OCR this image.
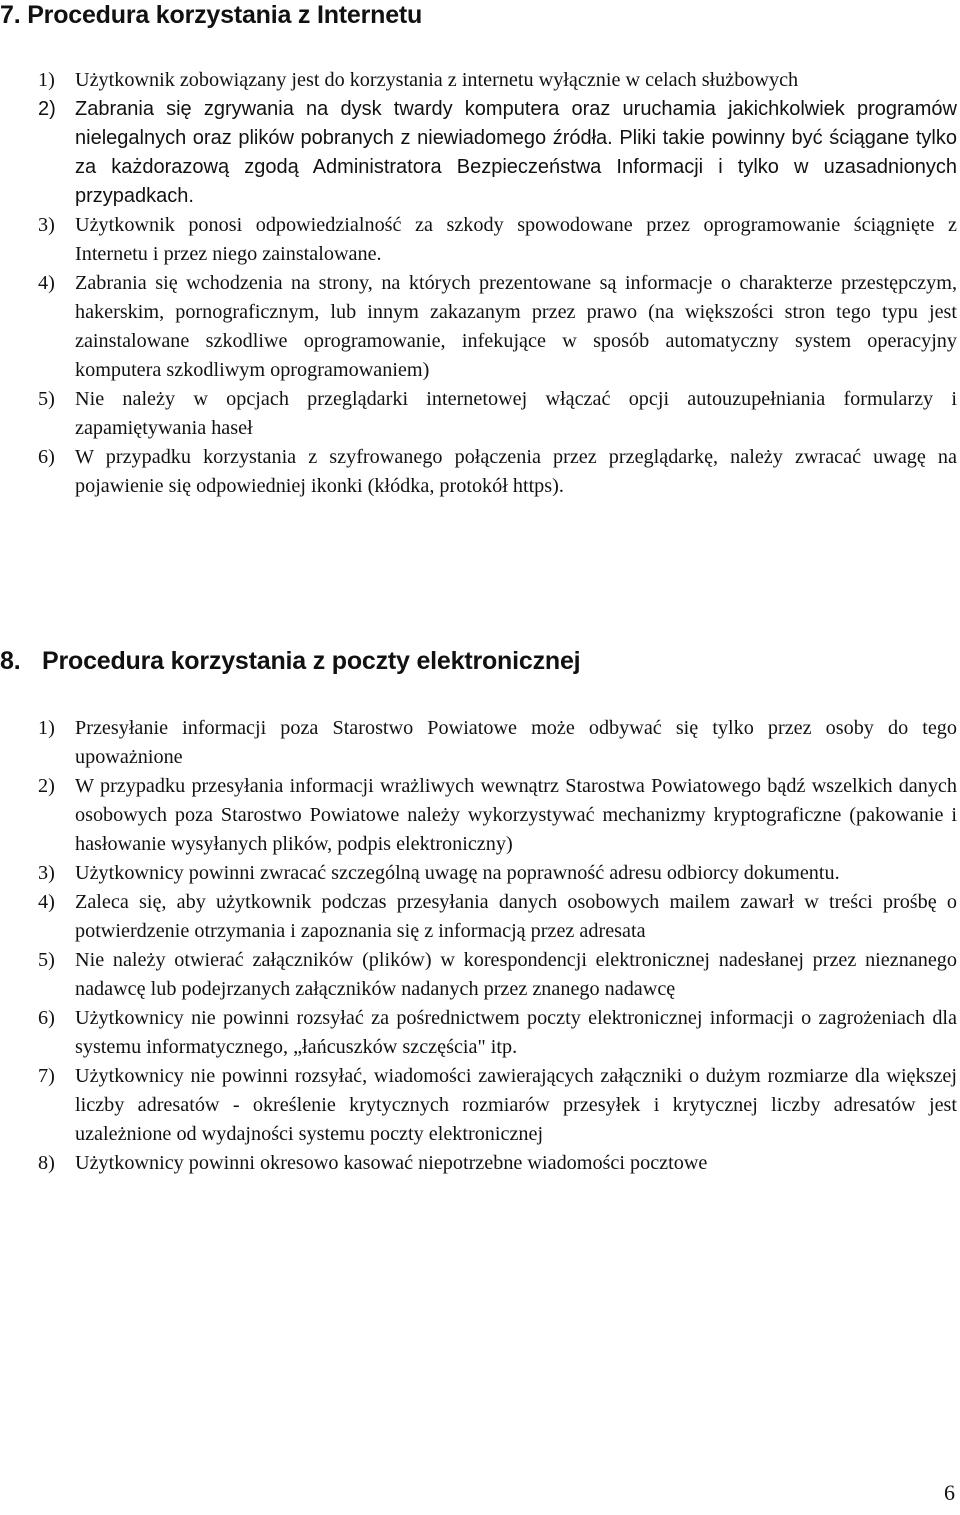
7. Procedura korzystania z Internetu
1) Użytkownik zobowiązany jest do korzystania z internetu wyłącznie w celach służbowych
2) Zabrania się zgrywania na dysk twardy komputera oraz uruchamia jakichkolwiek programów nielegalnych oraz plików pobranych z niewiadomego źródła. Pliki takie powinny być ściągane tylko za każdorazową zgodą Administratora Bezpieczeństwa Informacji i tylko w uzasadnionych przypadkach.
3) Użytkownik ponosi odpowiedzialność za szkody spowodowane przez oprogramowanie ściągnięte z Internetu i przez niego zainstalowane.
4) Zabrania się wchodzenia na strony, na których prezentowane są informacje o charakterze przestępczym, hakerskim, pornograficznym, lub innym zakazanym przez prawo (na większości stron tego typu jest zainstalowane szkodliwe oprogramowanie, infekujące w sposób automatyczny system operacyjny komputera szkodliwym oprogramowaniem)
5) Nie należy w opcjach przeglądarki internetowej włączać opcji autouzupełniania formularzy i zapamiętywania haseł
6) W przypadku korzystania z szyfrowanego połączenia przez przeglądarkę, należy zwracać uwagę na pojawienie się odpowiedniej ikonki (kłódka, protokół https).
8. Procedura korzystania z poczty elektronicznej
1) Przesyłanie informacji poza Starostwo Powiatowe może odbywać się tylko przez osoby do tego upoważnione
2) W przypadku przesyłania informacji wrażliwych wewnątrz Starostwa Powiatowego bądź wszelkich danych osobowych poza Starostwo Powiatowe należy wykorzystywać mechanizmy kryptograficzne (pakowanie i hasłowanie wysyłanych plików, podpis elektroniczny)
3) Użytkownicy powinni zwracać szczególną uwagę na poprawność adresu odbiorcy dokumentu.
4) Zaleca się, aby użytkownik podczas przesyłania danych osobowych mailem zawarł w treści prośbę o potwierdzenie otrzymania i zapoznania się z informacją przez adresata
5) Nie należy otwierać załączników (plików) w korespondencji elektronicznej nadesłanej przez nieznanego nadawcę lub podejrzanych załączników nadanych przez znanego nadawcę
6) Użytkownicy nie powinni rozsyłać za pośrednictwem poczty elektronicznej informacji o zagrożeniach dla systemu informatycznego, „łańcuszków szczęścia" itp.
7) Użytkownicy nie powinni rozsyłać, wiadomości zawierających załączniki o dużym rozmiarze dla większej liczby adresatów - określenie krytycznych rozmiarów przesyłek i krytycznej liczby adresatów jest uzależnione od wydajności systemu poczty elektronicznej
8) Użytkownicy powinni okresowo kasować niepotrzebne wiadomości pocztowe
6
